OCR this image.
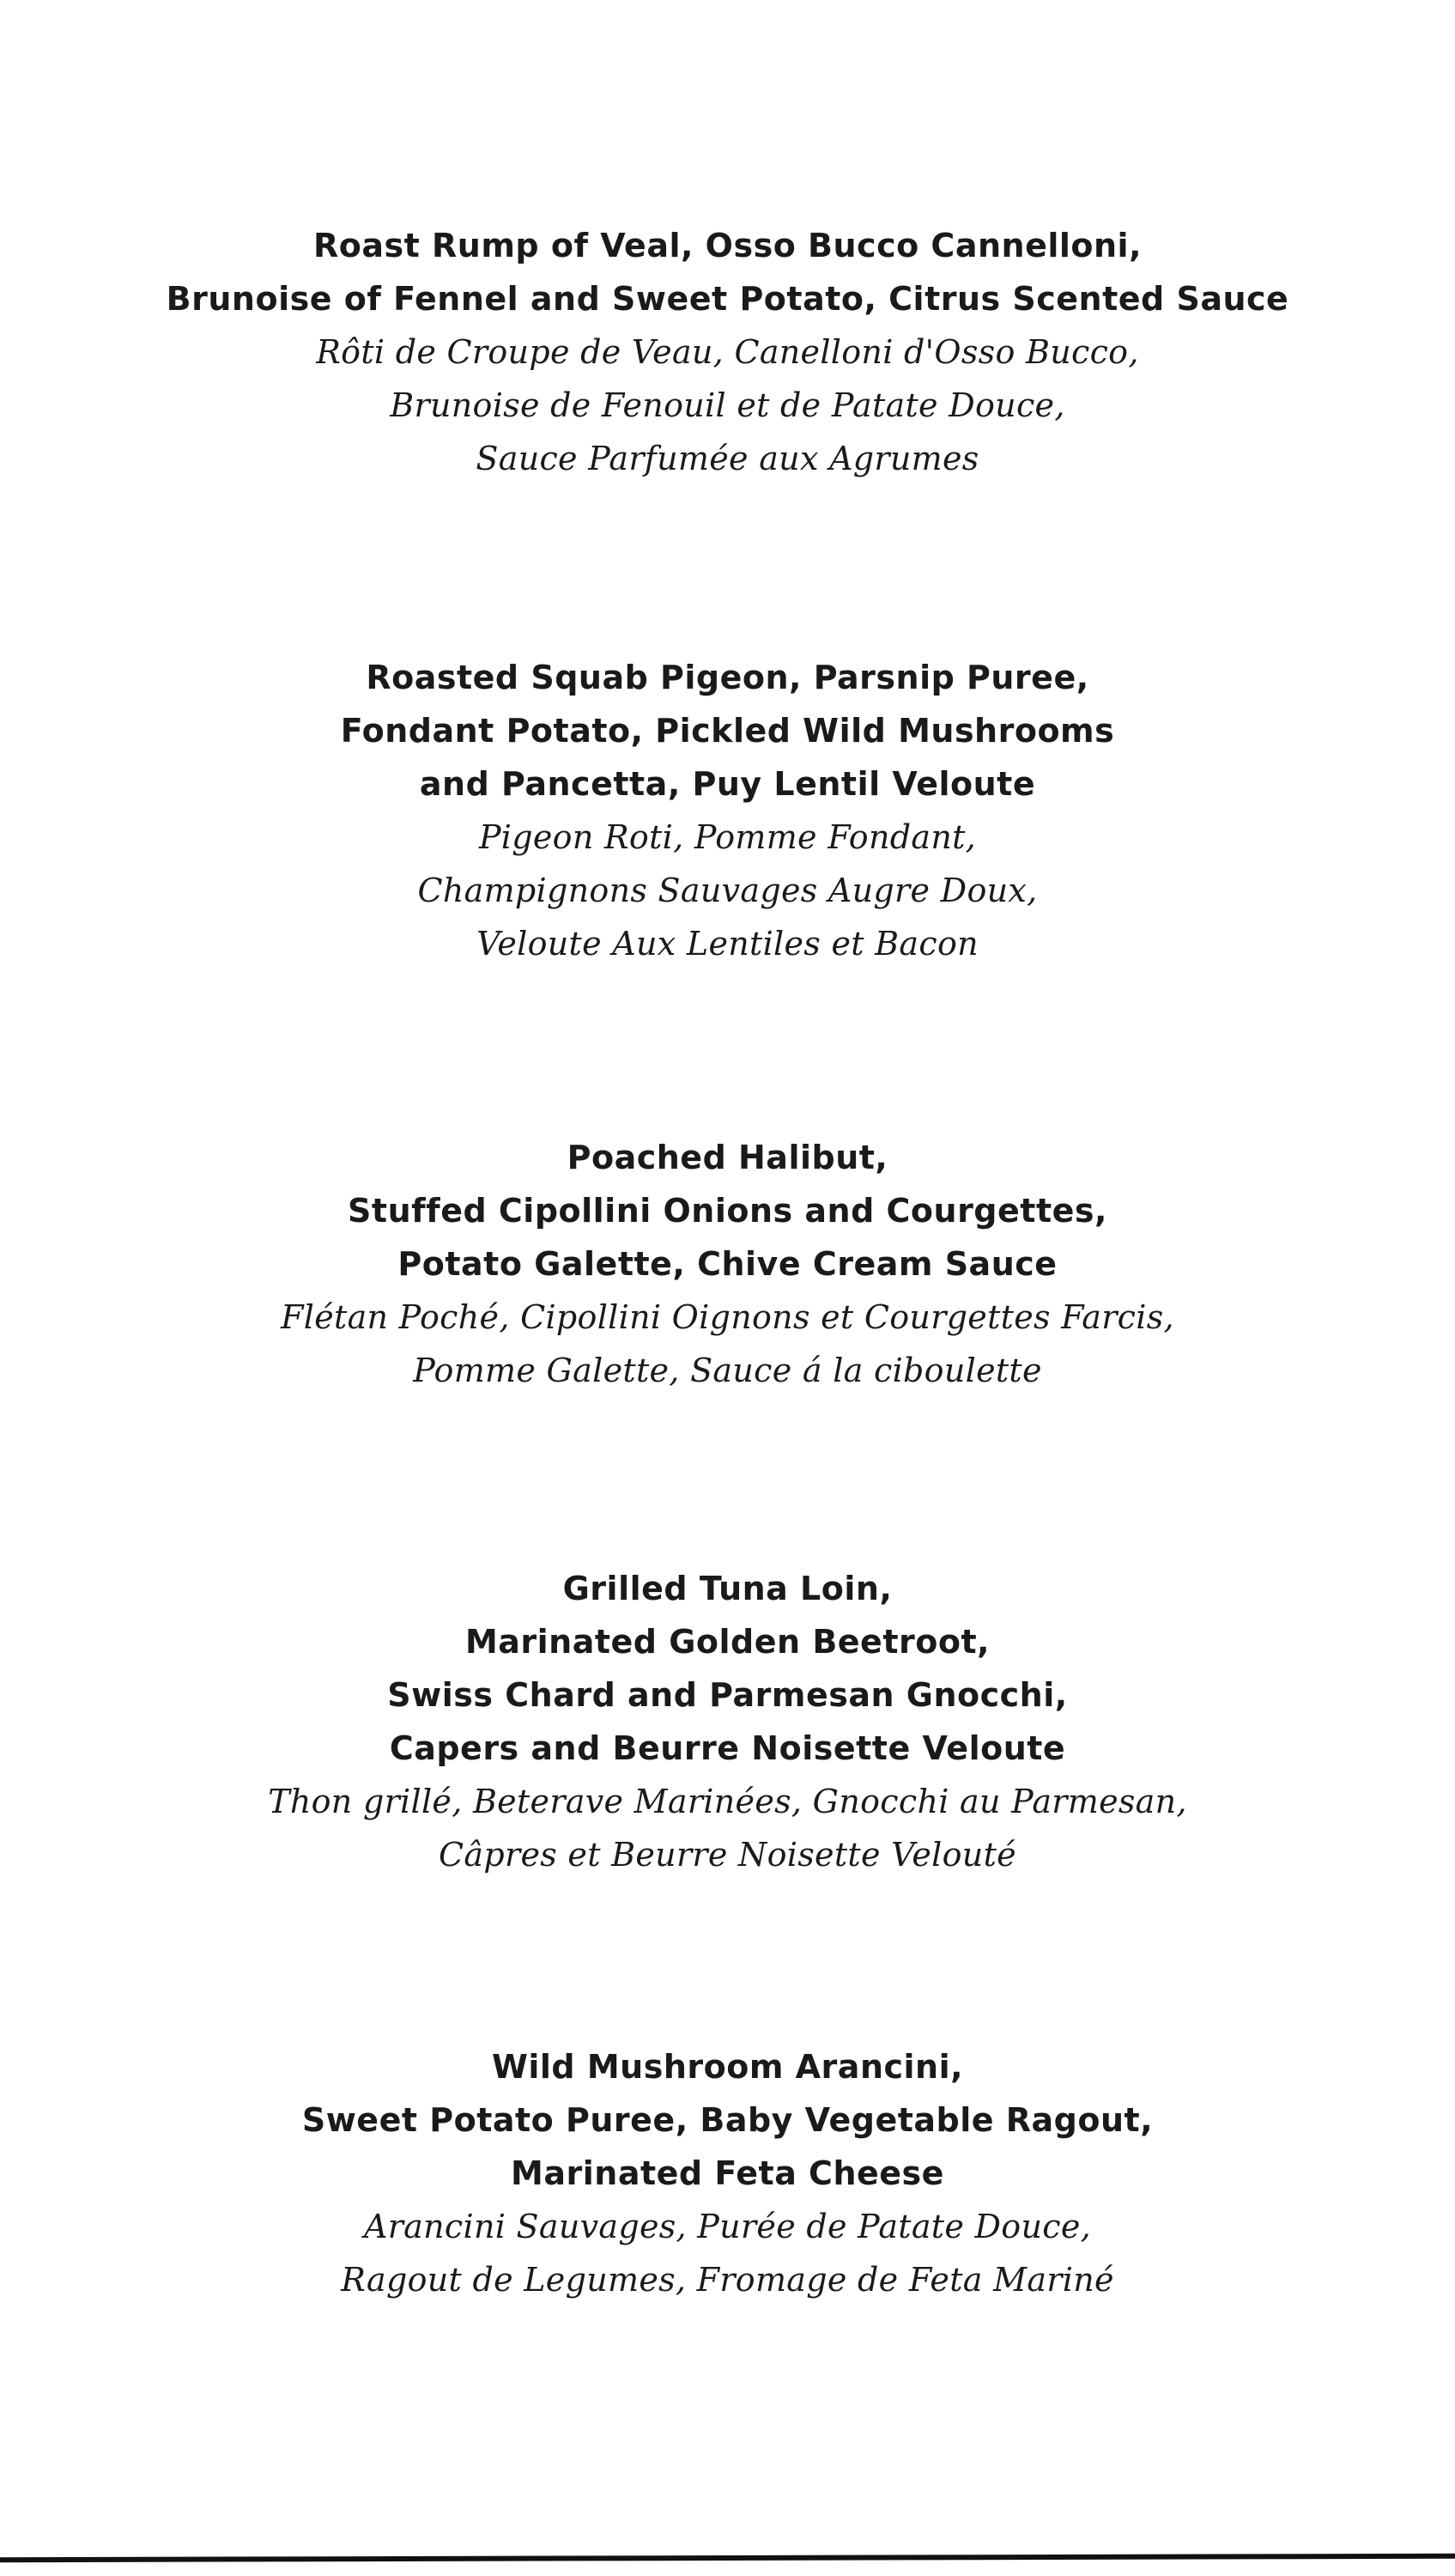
Roast Rump of Veal, Osso Bucco Cannelloni,
Brunoise of Fennel and Sweet Potato, Citrus Scented Sauce
Rôti de Croupe de Veau, Canelloni d'Osso Bucco,
Brunoise de Fenouil et de Patate Douce,
Sauce Parfumée aux Agrumes
Roasted Squab Pigeon, Parsnip Puree,
Fondant Potato, Pickled Wild Mushrooms
and Pancetta, Puy Lentil Veloute
Pigeon Roti, Pomme Fondant,
Champignons Sauvages Augre Doux,
Veloute Aux Lentiles et Bacon
Poached Halibut,
Stuffed Cipollini Onions and Courgettes,
Potato Galette, Chive Cream Sauce
Flétan Poché, Cipollini Oignons et Courgettes Farcis,
Pomme Galette, Sauce á la ciboulette
Grilled Tuna Loin,
Marinated Golden Beetroot,
Swiss Chard and Parmesan Gnocchi,
Capers and Beurre Noisette Veloute
Thon grillé, Beterave Marinées, Gnocchi au Parmesan,
Câpres et Beurre Noisette Velouté
Wild Mushroom Arancini,
Sweet Potato Puree, Baby Vegetable Ragout,
Marinated Feta Cheese
Arancini Sauvages, Purée de Patate Douce,
Ragout de Legumes, Fromage de Feta Mariné
